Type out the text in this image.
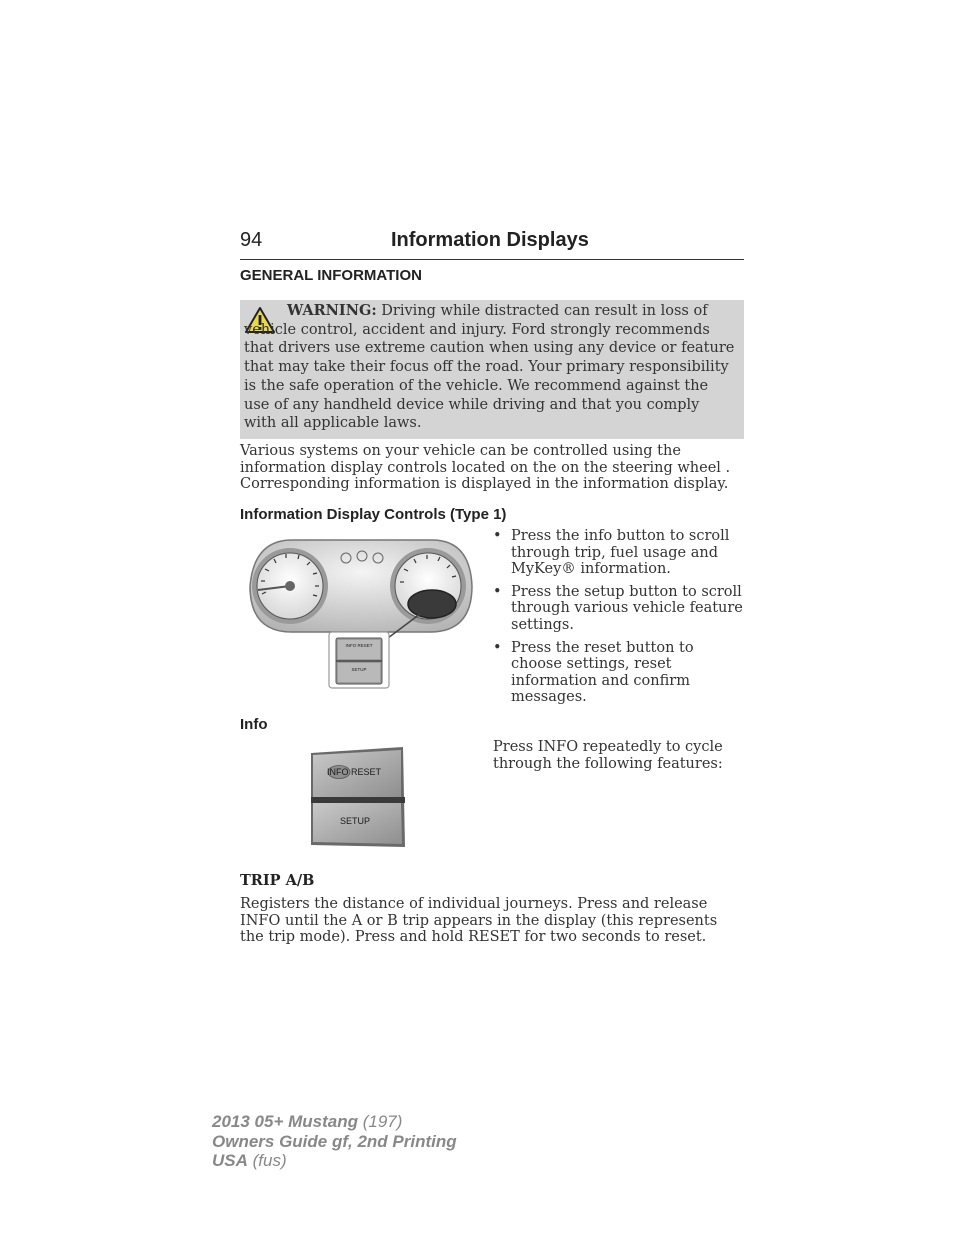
94	Information Displays
GENERAL INFORMATION

WARNING: Driving while distracted can result in loss of vehicle control, accident and injury. Ford strongly recommends that drivers use extreme caution when using any device or feature that may take their focus off the road. Your primary responsibility is the safe operation of the vehicle. We recommend against the use of any handheld device while driving and that you comply with all applicable laws.

Various systems on your vehicle can be controlled using the information display controls located on the on the steering wheel . Corresponding information is displayed in the information display.

Information Display Controls (Type 1)
INFO RESET
SETUP
• Press the info button to scroll through trip, fuel usage and MyKey® information.
• Press the setup button to scroll through various vehicle feature settings.
• Press the reset button to choose settings, reset information and confirm messages.
Info
INFO RESET
SETUP

Press INFO repeatedly to cycle through the following features:

TRIP A/B

Registers the distance of individual journeys. Press and release INFO until the A or B trip appears in the display (this represents the trip mode). Press and hold RESET for two seconds to reset.

2013 05+ Mustang (197)
Owners Guide gf, 2nd Printing
USA (fus)
